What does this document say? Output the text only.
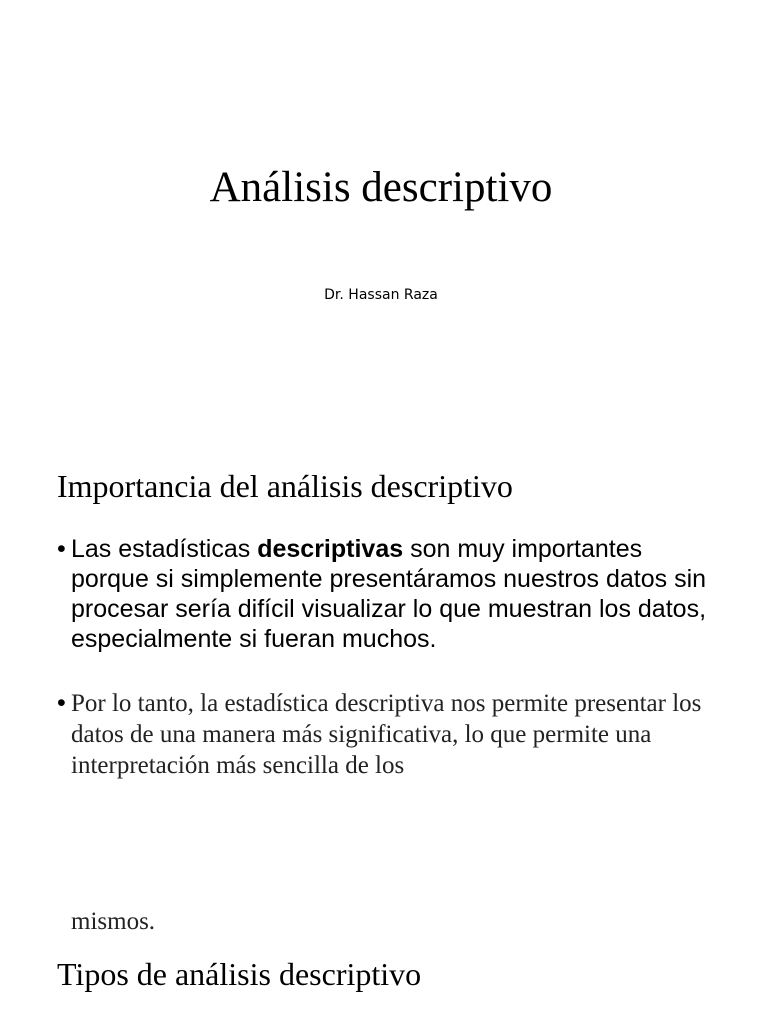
Análisis descriptivo
Dr. Hassan Raza
Importancia del análisis descriptivo
• Las estadísticas descriptivas son muy importantes porque si simplemente presentáramos nuestros datos sin procesar sería difícil visualizar lo que muestran los datos, especialmente si fueran muchos.
• Por lo tanto, la estadística descriptiva nos permite presentar los datos de una manera más significativa, lo que permite una interpretación más sencilla de los
mismos.
Tipos de análisis descriptivo
